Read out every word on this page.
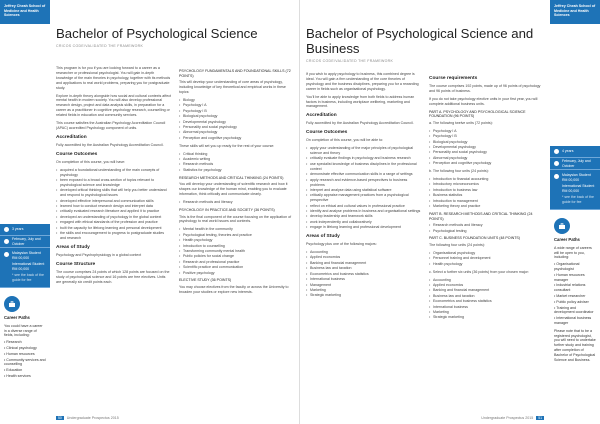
Jeffrey Cheah School of
Medicine and Health Sciences
3 years
February, July and October
Malaysian Student
RM 00,000
International Student
RM 00,000
* see the back of the guide for fee
Career Paths
You could have a career in a diverse range of fields, including:
• Research
• Clinical psychology
• Human resources
• Community services and counselling
• Education
• Health services
Bachelor of Psychological Science
CRICOS CODE/VALIDATED THE FRAMEWORK

This program is for you if you are looking forward to a career as a researcher or professional psychologist. You will gain in-depth knowledge of the main theories in psychology, together with its methods and applications to real world problems, preparing you for postgraduate study.

Explore in-depth theory alongside how social and cultural contexts affect mental health in modern society. You will also develop professional research design, project and data analysis skills, in preparation for a career as a practitioner in cognitive psychology research, counselling or related fields in education and community services.

This course satisfies the Australian Psychology Accreditation Council (APAC) accredited Psychology component of units.

Accreditation

Fully accredited by the Australian Psychology Accreditation Council.

Course Outcomes

On completion of this course, you will have:

• acquired a foundational understanding of the main concepts of psychology
• been exposed to a broad cross-section of topics relevant to psychological science and knowledge
• developed critical thinking skills that will help you better understand and respond to psychological issues
• developed effective interpersonal and communication skills
• learned how to conduct research design and interpret data
• critically evaluated research literature and applied it to practice
• developed an understanding of psychology in the global context
• engaged with ethical standards of the profession and practice
• built the capacity for lifelong learning and personal development
• the skills and encouragement to progress to postgraduate studies and research
Areas of Study

Psychology and Psychophysiology in a global context

Course Structure

The course comprises 24 points of which 128 points are focused on the study of psychological science and 16 points are free electives. Units are generally six credit points each.

PSYCHOLOGY FUNDAMENTALS AND FOUNDATIONAL SKILLS (72 POINTS)

This will develop your understanding of core areas of psychology, including knowledge of key theoretical and empirical works in these topics:

• Biology
• Psychology I A
• Psychology I B
• Biological psychology
• Developmental psychology
• Personality and social psychology
• Abnormal psychology
• Perception and cognitive psychology

These skills will set you up ready for the rest of your course:

• Critical thinking
• Academic writing
• Research methods
• Statistics for psychology
RESEARCH METHODS AND CRITICAL THINKING (24 POINTS)

You will develop your understanding of scientific research and how it shapes our knowledge of the human mind, enabling you to evaluate information, think critically and communicate clearly.

• Research methods and literacy
PSYCHOLOGY IN PRACTICE AND SOCIETY (36 POINTS)

This is the final component of the course focusing on the application of psychology to real world issues and contexts.

• Mental health in the community
• Psychological testing, theories and practice
• Health psychology
• Introduction to counselling
• Transforming community mental health
• Public policies for social change
• Research and professional practice
• Scientific practice and communication
• Positive psychology
ELECTIVE STUDY (36 POINTS)

You may choose electives from the faculty or across the University to broaden your studies or explore new interests.

50	Undergraduate Prospectus 2015
Bachelor of Psychological Science and Business
CRICOS CODE/VALIDATED THE FRAMEWORK

If you wish to apply psychology to business, this combined degree is ideal. You will gain a firm understanding of the core theories of psychology and the business disciplines, preparing you for a rewarding career in fields such as organisational psychology.

You'll be able to apply knowledge from both fields to address human factors in business, including workplace wellbeing, marketing and management.

Accreditation

Fully accredited by the Australian Psychology Accreditation Council.

Course Outcomes

On completion of this course, you will be able to:

• apply your understanding of the major principles of psychological science and theory
• critically evaluate findings in psychology and business research
• use specialist knowledge of business disciplines in the professional context
• demonstrate effective communication skills in a range of settings
• apply research and evidence-based perspectives to business problems
• interpret and analyse data using statistical software
• critically appraise management practices from a psychological perspective
• reflect on ethical and cultural values in professional practice
• identify and analyse problems in business and organisational settings
• develop leadership and teamwork skills
• work independently and collaboratively
• engage in lifelong learning and professional development
Areas of Study

Psychology plus one of the following majors:

• Accounting
• Applied economics
• Banking and financial management
• Business law and taxation
• Econometrics and business statistics
• International business
• Management
• Marketing
• Strategic marketing
Course requirements

The course comprises 192 points, made up of 96 points of psychology and 96 points of business.

If you do not take psychology elective units in your first year, you will complete additional business units.

PART A. PSYCHOLOGY AND PSYCHOLOGICAL SCIENCE FOUNDATION (96 POINTS)

a. The following twelve units (72 points):

• Psychology I A
• Psychology I B
• Biological psychology
• Developmental psychology
• Personality and social psychology
• Abnormal psychology
• Perception and cognitive psychology

b. The following four units (24 points):

• Introduction to financial accounting
• Introductory microeconomics
• Introduction to business law
• Business statistics
• Introduction to management
• Marketing theory and practice
PART B. RESEARCH METHODS AND CRITICAL THINKING (24 POINTS)
• Research methods and literacy
• Psychological testing
PART C. BUSINESS FOUNDATION UNITS (48 POINTS)

The following four units (24 points):

• Organisational psychology
• Personnel training and development
• Health psychology

c. Select a further six units (36 points) from your chosen major:

• Accounting
• Applied economics
• Banking and financial management
• Business law and taxation
• Econometrics and business statistics
• International business
• Marketing
• Strategic marketing
Undergraduate Prospectus 2015	51
Jeffrey Cheah School of
Medicine and Health Sciences
4 years
February, July and October
Malaysian Student
RM 00,000
International Student
RM 00,000
* see the back of the guide for fee
Career Paths
A wide range of careers will be open to you, including:
• Organisational psychologist
• Human resources manager
• Industrial relations consultant
• Market researcher
• Public policy adviser
• Training and development coordinator
• International business manager
Please note that to be a registered psychologist, you will need to undertake further study and training after completion of Bachelor of Psychological Science and Business.
